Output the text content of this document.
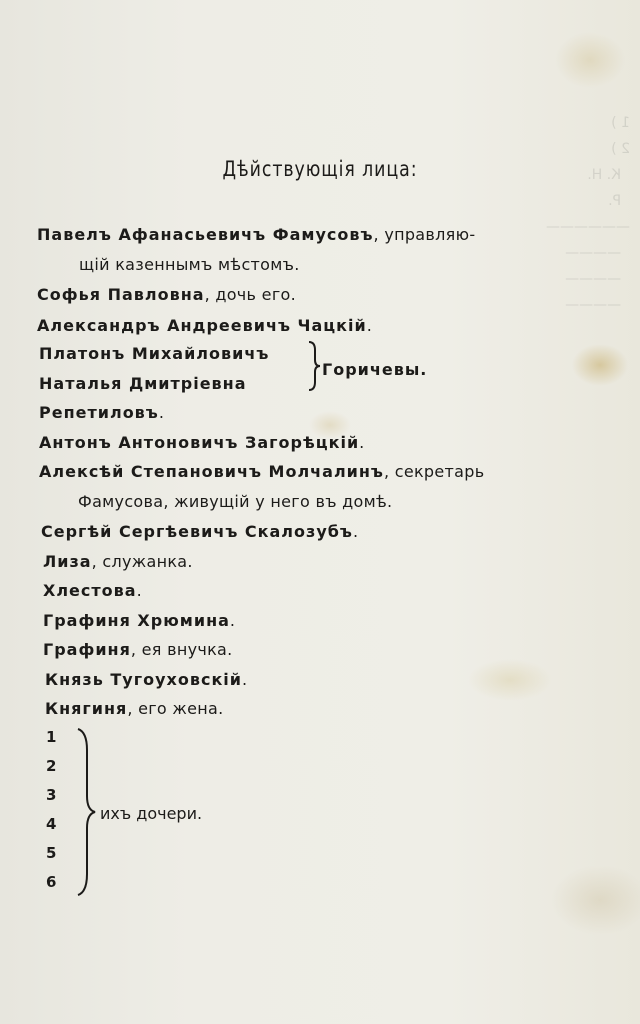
1 )
2 )
К. Н.
Р.
——————
————
————
————
Дѣйствующія лица:
Павелъ Афанасьевичъ Фамусовъ, управляю-
щій казеннымъ мѣстомъ.
Софья Павловна, дочь его.
Александръ Андреевичъ Чацкій.
Платонъ Михайловичъ
Наталья Дмитріевна
Горичевы.
Репетиловъ.
Антонъ Антоновичъ Загорѣцкій.
Алексѣй Степановичъ Молчалинъ, секретарь
Фамусова, живущій у него въ домѣ.
Сергѣй Сергѣевичъ Скалозубъ.
Лиза, служанка.
Хлестова.
Графиня Хрюмина.
Графиня, ея внучка.
Князь Тугоуховскій.
Княгиня, его жена.
1
2
3
4
5
6
ихъ дочери.
